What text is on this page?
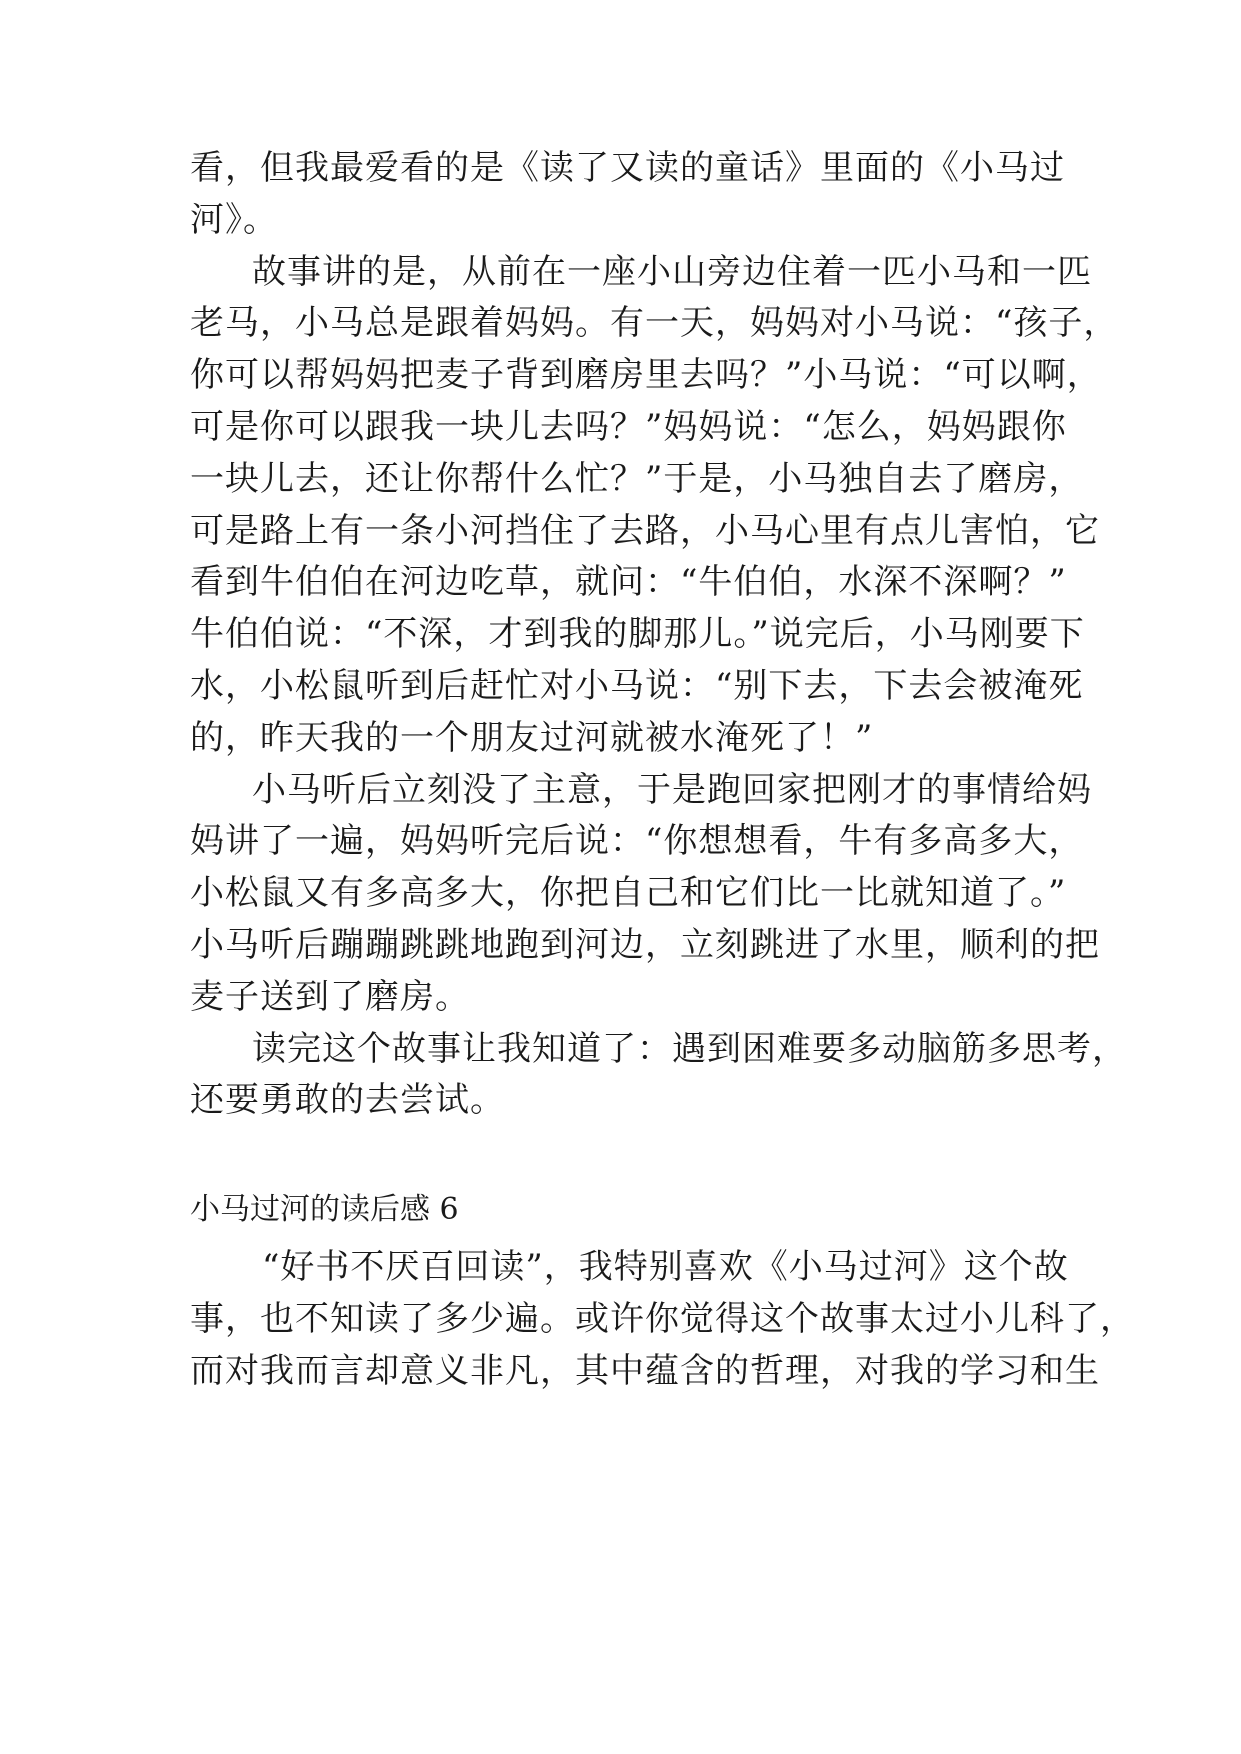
看，但我最爱看的是《读了又读的童话》里面的《小马过
河》。
故事讲的是，从前在一座小山旁边住着一匹小马和一匹
老马，小马总是跟着妈妈。有一天，妈妈对小马说：“孩子，
你可以帮妈妈把麦子背到磨房里去吗？”小马说：“可以啊，
可是你可以跟我一块儿去吗？”妈妈说：“怎么，妈妈跟你
一块儿去，还让你帮什么忙？”于是，小马独自去了磨房，
可是路上有一条小河挡住了去路，小马心里有点儿害怕，它
看到牛伯伯在河边吃草，就问：“牛伯伯，水深不深啊？”
牛伯伯说：“不深，才到我的脚那儿。”说完后，小马刚要下
水，小松鼠听到后赶忙对小马说：“别下去，下去会被淹死
的，昨天我的一个朋友过河就被水淹死了！”
小马听后立刻没了主意，于是跑回家把刚才的事情给妈
妈讲了一遍，妈妈听完后说：“你想想看，牛有多高多大，
小松鼠又有多高多大，你把自己和它们比一比就知道了。”
小马听后蹦蹦跳跳地跑到河边，立刻跳进了水里，顺利的把
麦子送到了磨房。
读完这个故事让我知道了：遇到困难要多动脑筋多思考，
还要勇敢的去尝试。
小马过河的读后感 6
“好书不厌百回读”，我特别喜欢《小马过河》这个故
事，也不知读了多少遍。或许你觉得这个故事太过小儿科了，
而对我而言却意义非凡，其中蕴含的哲理，对我的学习和生
